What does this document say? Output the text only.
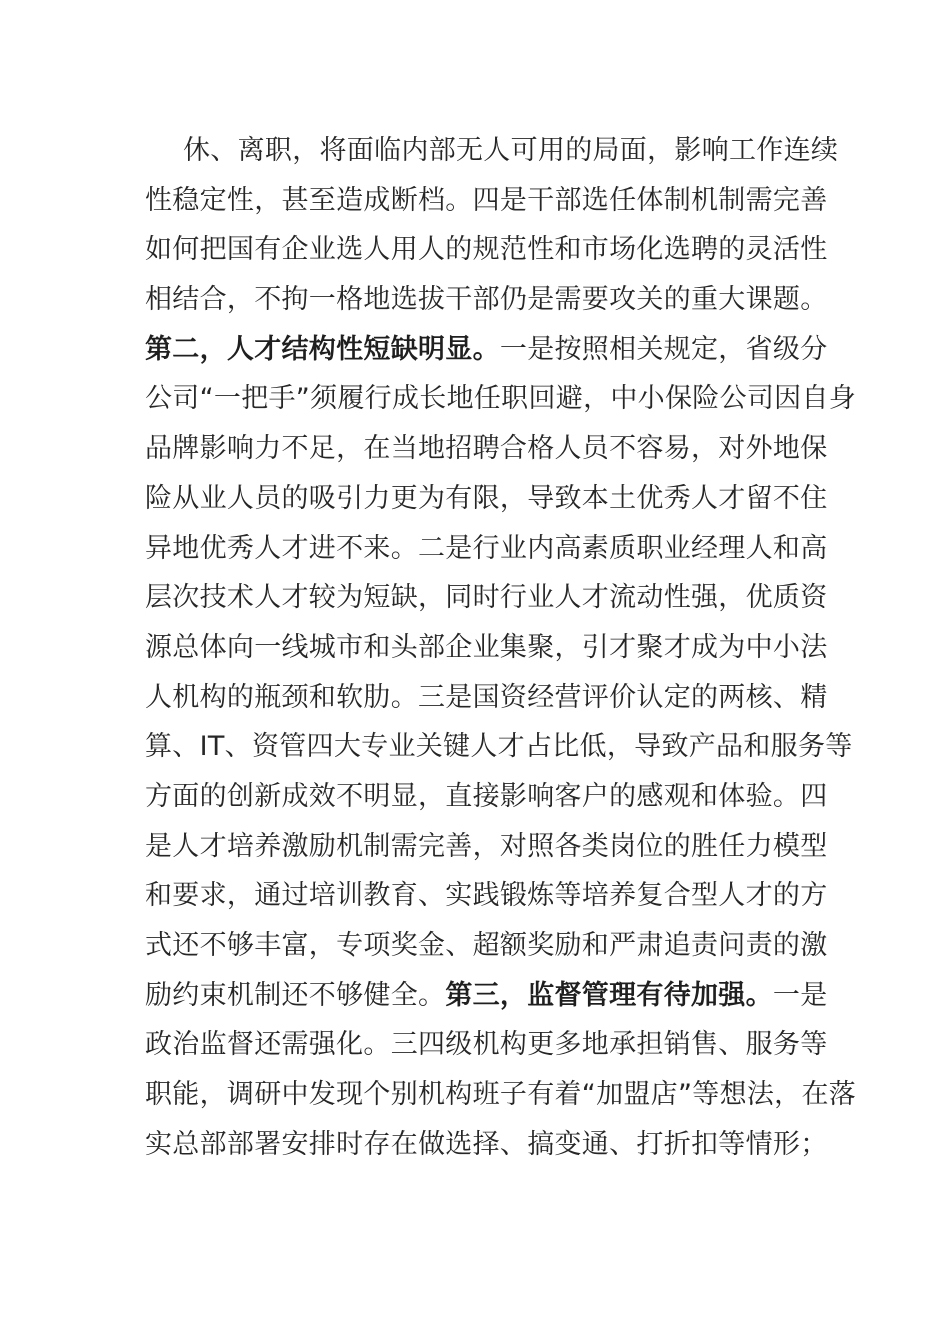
休、离职，将面临内部无人可用的局面，影响工作连续
性稳定性，甚至造成断档。四是干部选任体制机制需完善
如何把国有企业选人用人的规范性和市场化选聘的灵活性
相结合，不拘一格地选拔干部仍是需要攻关的重大课题。
第二，人才结构性短缺明显。一是按照相关规定，省级分
公司“一把手”须履行成长地任职回避，中小保险公司因自身
品牌影响力不足，在当地招聘合格人员不容易，对外地保
险从业人员的吸引力更为有限，导致本土优秀人才留不住
异地优秀人才进不来。二是行业内高素质职业经理人和高
层次技术人才较为短缺，同时行业人才流动性强，优质资
源总体向一线城市和头部企业集聚，引才聚才成为中小法
人机构的瓶颈和软肋。三是国资经营评价认定的两核、精
算、IT、资管四大专业关键人才占比低，导致产品和服务等
方面的创新成效不明显，直接影响客户的感观和体验。四
是人才培养激励机制需完善，对照各类岗位的胜任力模型
和要求，通过培训教育、实践锻炼等培养复合型人才的方
式还不够丰富，专项奖金、超额奖励和严肃追责问责的激
励约束机制还不够健全。第三，监督管理有待加强。一是
政治监督还需强化。三四级机构更多地承担销售、服务等
职能，调研中发现个别机构班子有着“加盟店”等想法，在落
实总部部署安排时存在做选择、搞变通、打折扣等情形；
